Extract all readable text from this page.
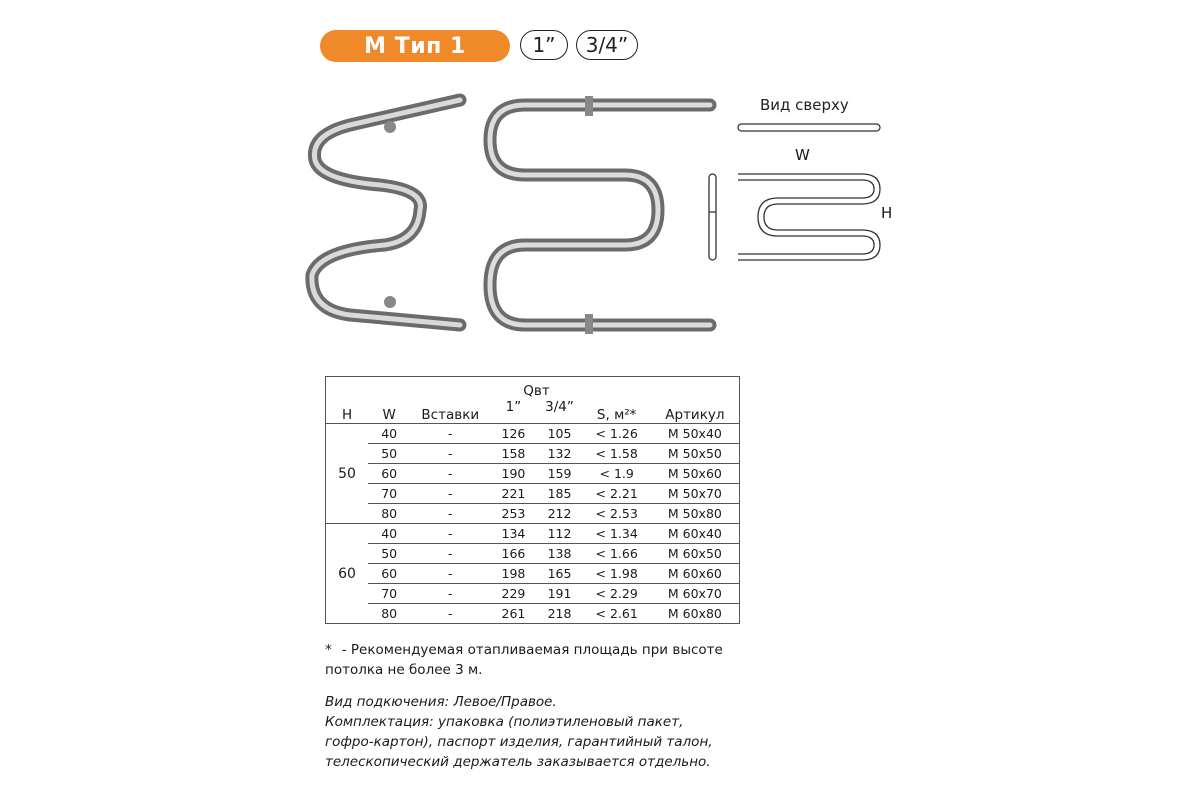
М Тип 1	1”	3/4”
Вид сверху
W
H
H	W	Вставки	Qвт		S, м²*	Артикул
			1”	3/4”		
50	40	-	126	105	< 1.26	M 50x40
	50	-	158	132	< 1.58	M 50x50
	60	-	190	159	< 1.9	M 50x60
	70	-	221	185	< 2.21	M 50x70
	80	-	253	212	< 2.53	M 50x80
60	40	-	134	112	< 1.34	M 60x40
	50	-	166	138	< 1.66	M 60x50
	60	-	198	165	< 1.98	M 60x60
	70	-	229	191	< 2.29	M 60x70
	80	-	261	218	< 2.61	M 60x80
* - Рекомендуемая отапливаемая площадь при высоте потолка не более 3 м.

Вид подкючения: Левое/Правое.

Комплектация: упаковка (полиэтиленовый пакет,

гофро-картон), паспорт изделия, гарантийный талон,

телескопический держатель заказывается отдельно.
